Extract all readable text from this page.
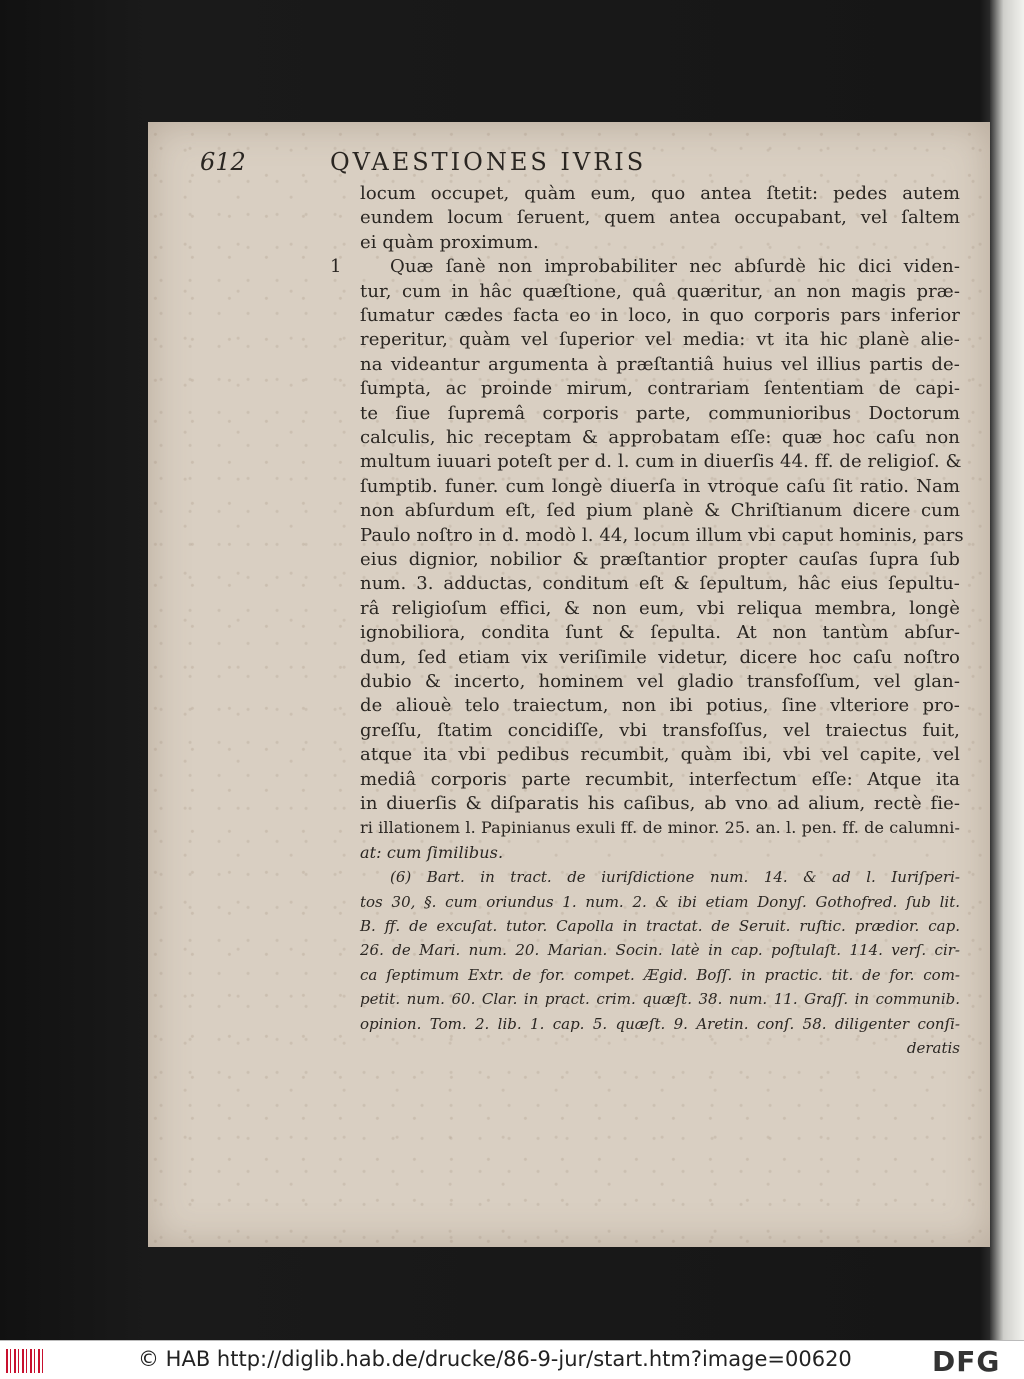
612	QVAESTIONES IVRIS
locum occupet, quàm eum, quo antea ſtetit: pedes autem
eundem locum ſeruent, quem antea occupabant, vel ſaltem
ei quàm proximum.
1	Quæ ſanè non improbabiliter nec abſurdè hic dici viden-
tur, cum in hâc quæſtione, quâ quæritur, an non magis præ-
ſumatur cædes facta eo in loco, in quo corporis pars inferior
reperitur, quàm vel ſuperior vel media: vt ita hic planè alie-
na videantur argumenta à præſtantiâ huius vel illius partis de-
ſumpta, ac proinde mirum, contrariam ſententiam de capi-
te ſiue ſupremâ corporis parte, communioribus Doctorum
calculis, hic receptam & approbatam eſſe: quæ hoc caſu non
multum iuuari poteſt per d. l. cum in diuerſis 44. ff. de religioſ. &
ſumptib. funer. cum longè diuerſa in vtroque caſu ſit ratio. Nam
non abſurdum eſt, ſed pium planè & Chriſtianum dicere cum
Paulo noſtro in d. modò l. 44, locum illum vbi caput hominis, pars
eius dignior, nobilior & præſtantior propter cauſas ſupra ſub
num. 3. adductas, conditum eſt & ſepultum, hâc eius ſepultu-
râ religioſum effici, & non eum, vbi reliqua membra, longè
ignobiliora, condita ſunt & ſepulta. At non tantùm abſur-
dum, ſed etiam vix veriſimile videtur, dicere hoc caſu noſtro
dubio & incerto, hominem vel gladio transfoſſum, vel glan-
de aliouè telo traiectum, non ibi potius, ſine vlteriore pro-
greſſu, ſtatim concidiſſe, vbi transfoſſus, vel traiectus fuit,
atque ita vbi pedibus recumbit, quàm ibi, vbi vel capite, vel
mediâ corporis parte recumbit, interfectum eſſe: Atque ita
in diuerſis & diſparatis his caſibus, ab vno ad alium, rectè fie-
ri illationem l. Papinianus exuli ff. de minor. 25. an. l. pen. ff. de calumni-
at: cum ſimilibus.
(6) Bart. in tract. de iuriſdictione num. 14. & ad l. Iuriſperi-
tos 30, §. cum oriundus 1. num. 2. & ibi etiam Donyſ. Gothofred. ſub lit.
B. ff. de excuſat. tutor. Capolla in tractat. de Seruit. ruſtic. prædior. cap.
26. de Mari. num. 20. Marian. Socin. latè in cap. poſtulaſt. 114. verſ. cir-
ca ſeptimum Extr. de for. compet. Ægid. Boſſ. in practic. tit. de for. com-
petit. num. 60. Clar. in pract. crim. quæſt. 38. num. 11. Graſſ. in communib.
opinion. Tom. 2. lib. 1. cap. 5. quæſt. 9. Aretin. conſ. 58. diligenter conſi-
deratis
© HAB http://diglib.hab.de/drucke/86-9-jur/start.htm?image=00620	DFG
